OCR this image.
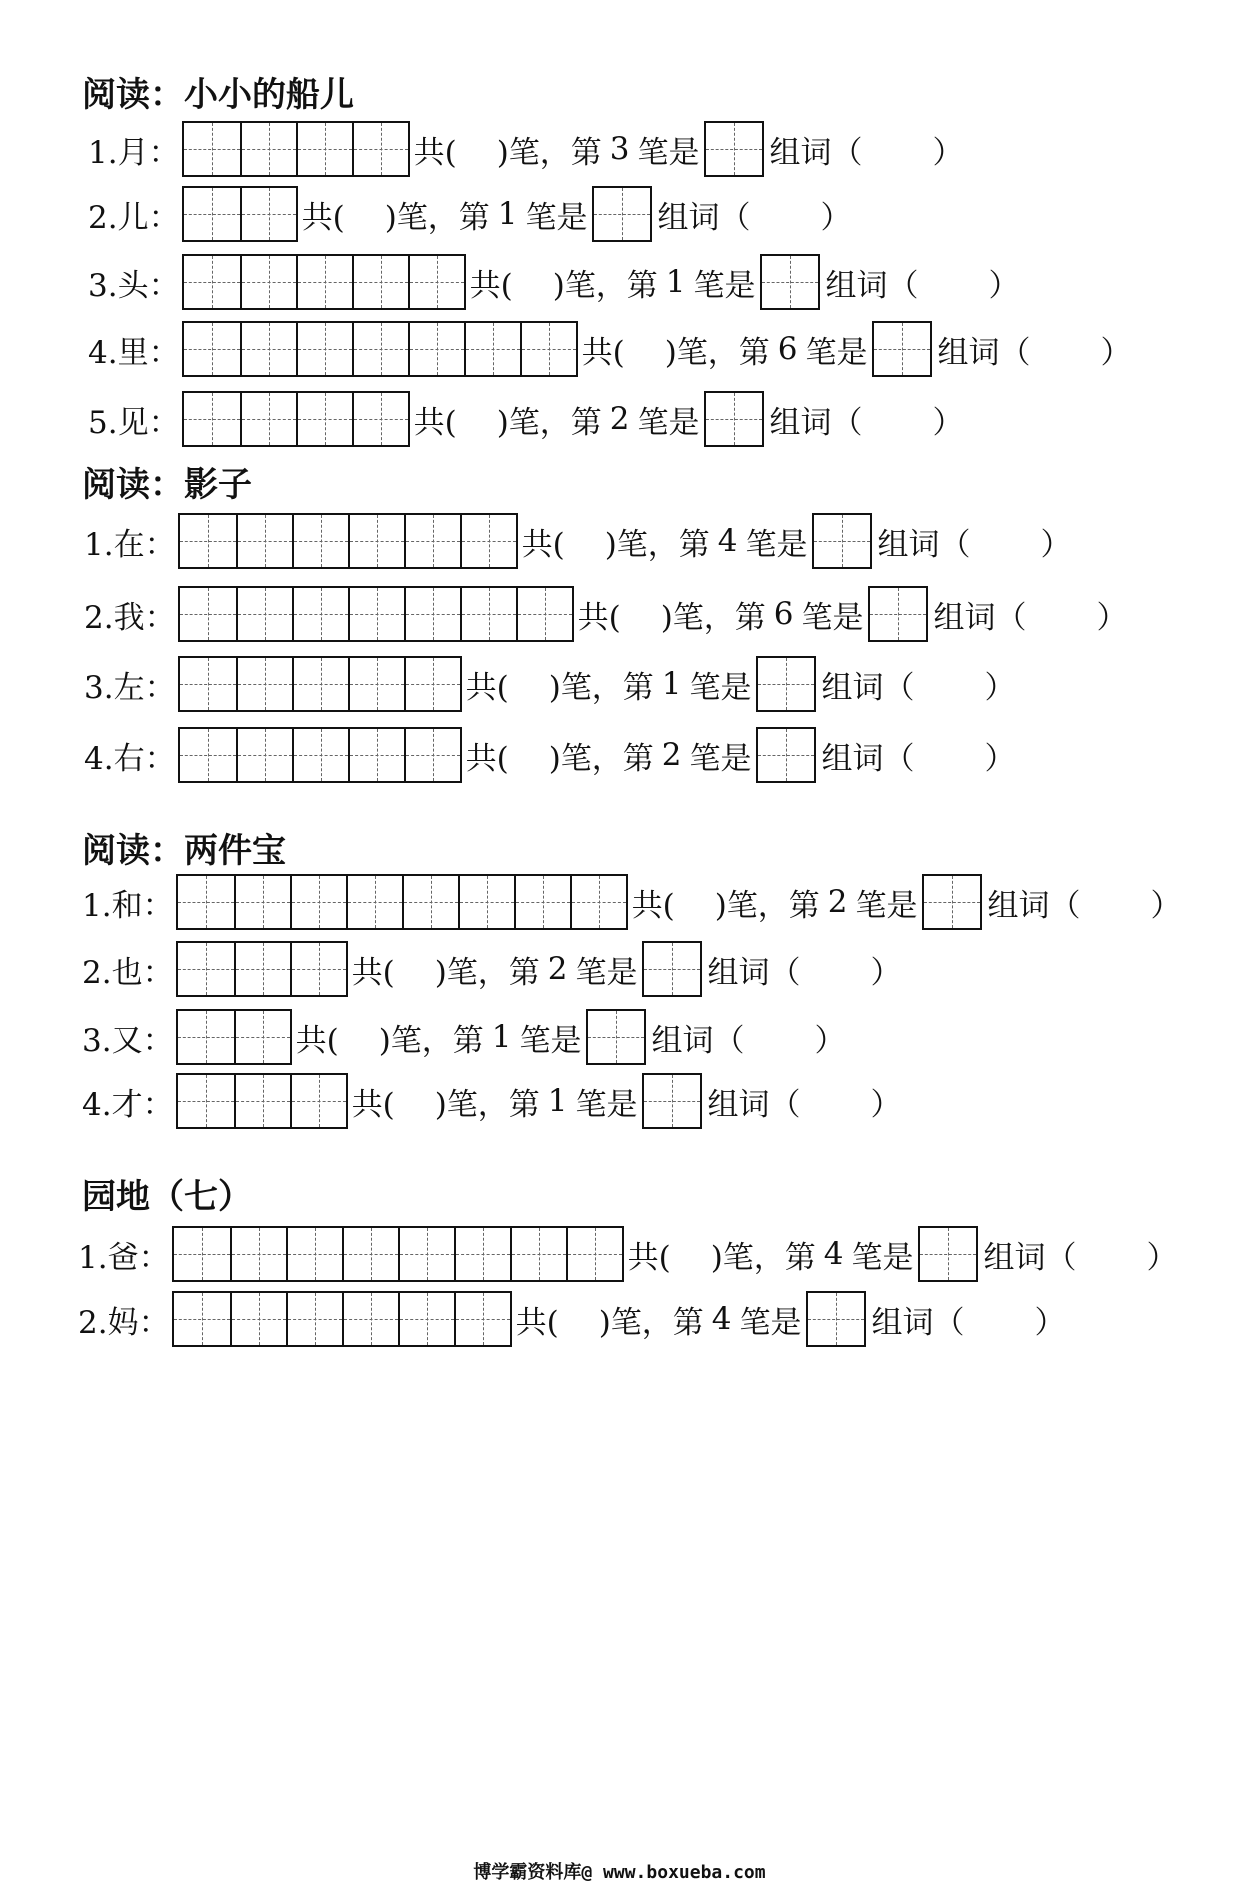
阅读：小小的船儿
1.月：	共( )笔，第 3 笔是 组词（ ）
2.儿：	共( )笔，第 1 笔是 组词（ ）
3.头：	共( )笔，第 1 笔是 组词（ ）
4.里：	共( )笔，第 6 笔是 组词（ ）
5.见：	共( )笔，第 2 笔是 组词（ ）
阅读：影子
1.在：	共( )笔，第 4 笔是 组词（ ）
2.我：	共( )笔，第 6 笔是 组词（ ）
3.左：	共( )笔，第 1 笔是 组词（ ）
4.右：	共( )笔，第 2 笔是 组词（ ）
阅读：两件宝
1.和：	共( )笔，第 2 笔是 组词（ ）
2.也：	共( )笔，第 2 笔是 组词（ ）
3.又：	共( )笔，第 1 笔是 组词（ ）
4.才：	共( )笔，第 1 笔是 组词（ ）
园地（七）
1.爸：	共( )笔，第 4 笔是 组词（ ）
2.妈：	共( )笔，第 4 笔是 组词（ ）
博学霸资料库@ www.boxueba.com
